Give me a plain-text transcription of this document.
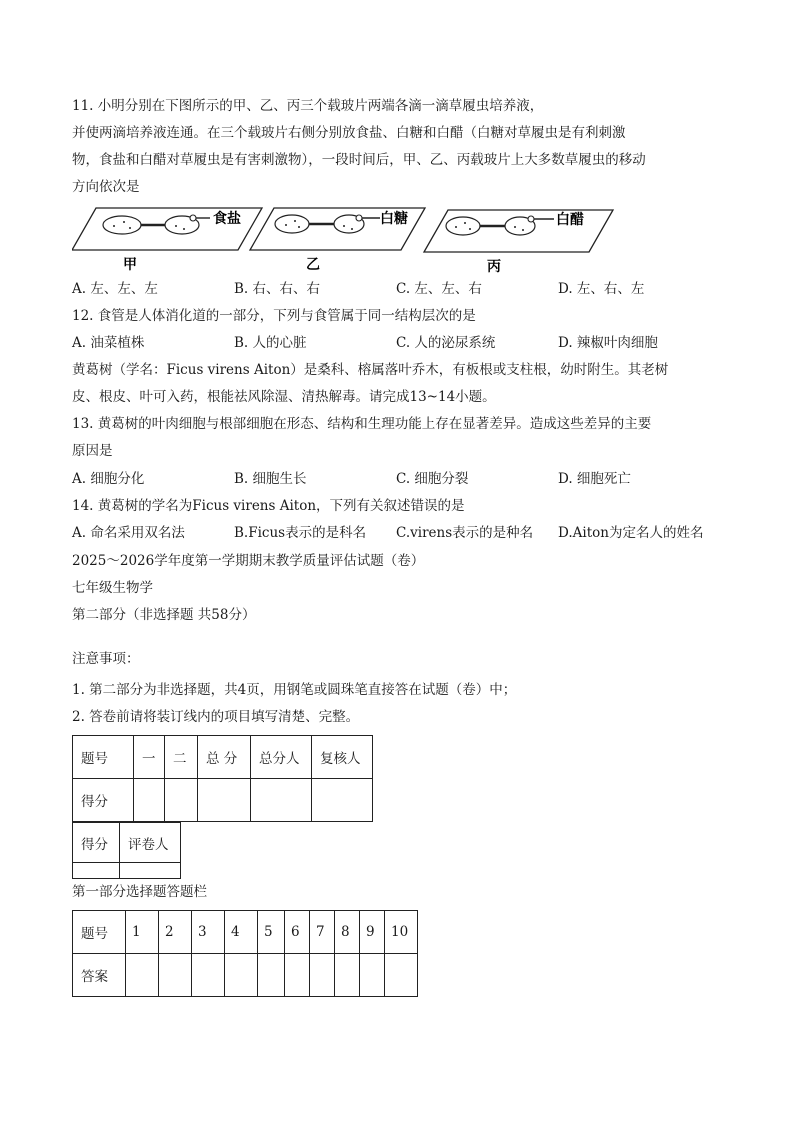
11. 小明分别在下图所示的甲、乙、丙三个载玻片两端各滴一滴草履虫培养液，
并使两滴培养液连通。在三个载玻片右侧分别放食盐、白糖和白醋（白糖对草履虫是有利刺激
物，食盐和白醋对草履虫是有害刺激物），一段时间后，甲、乙、丙载玻片上大多数草履虫的移动
方向依次是
食盐
甲
白糖
乙
白醋
丙
A. 左、左、左	B. 右、右、右	C. 左、左、右	D. 左、右、左
12. 食管是人体消化道的一部分，下列与食管属于同一结构层次的是
A. 油菜植株	B. 人的心脏	C. 人的泌尿系统	D. 辣椒叶肉细胞
黄葛树（学名：Ficus virens Aiton）是桑科、榕属落叶乔木，有板根或支柱根，幼时附生。其老树
皮、根皮、叶可入药，根能祛风除湿、清热解毒。请完成13~14小题。
13. 黄葛树的叶肉细胞与根部细胞在形态、结构和生理功能上存在显著差异。造成这些差异的主要
原因是
A. 细胞分化	B. 细胞生长	C. 细胞分裂	D. 细胞死亡
14. 黄葛树的学名为Ficus virens Aiton，下列有关叙述错误的是
A. 命名采用双名法	B.Ficus表示的是科名 C.virens表示的是种名 D.Aiton为定名人的姓名
2025～2026学年度第一学期期末教学质量评估试题（卷）
七年级生物学
第二部分（非选择题 共58分）
注意事项：
1. 第二部分为非选择题，共4页，用钢笔或圆珠笔直接答在试题（卷）中；
2. 答卷前请将装订线内的项目填写清楚、完整。
题号	一	二	总 分	总分人	复核人
得分					
得分	评卷人

第一部分选择题答题栏
题号	1	2	3	4	5	6	7	8	9	10
答案										
